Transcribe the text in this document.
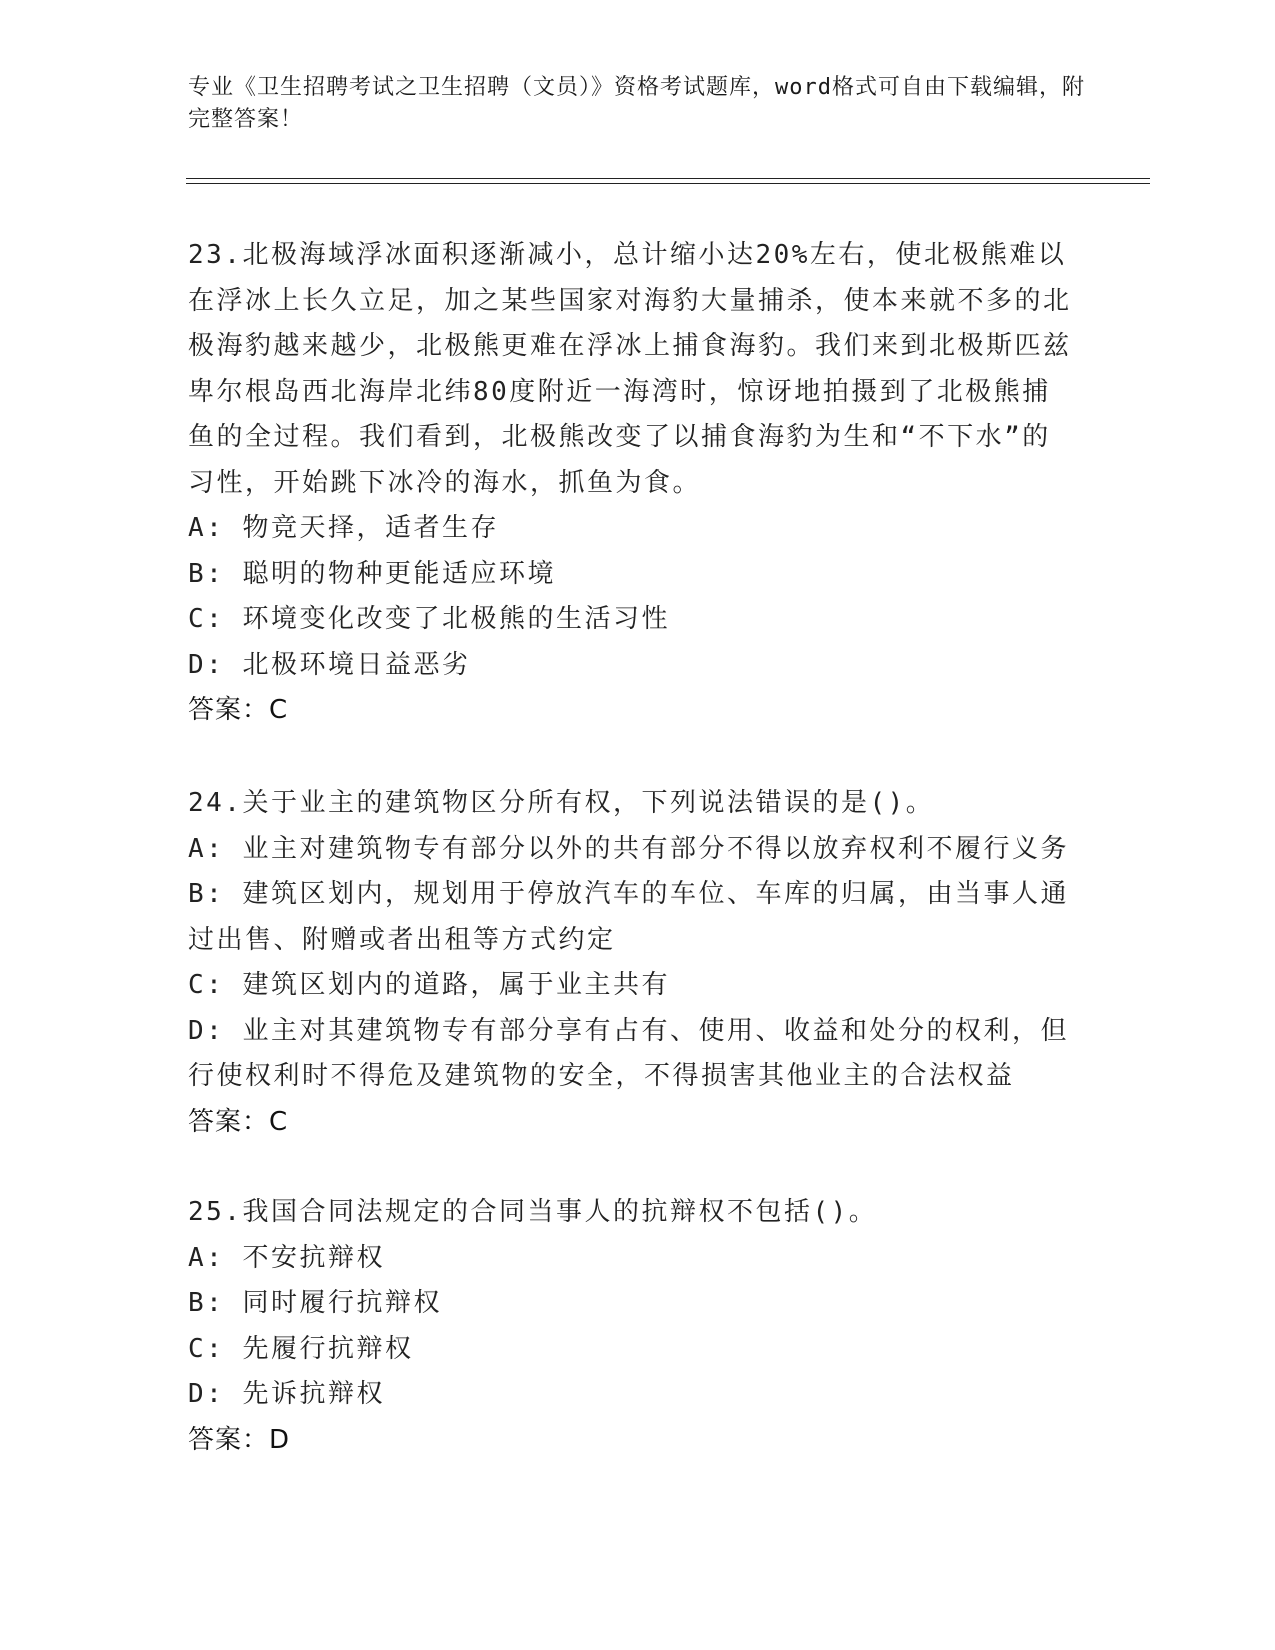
专业《卫生招聘考试之卫生招聘（文员）》资格考试题库，word格式可自由下载编辑，附完整答案！

23.北极海域浮冰面积逐渐减小，总计缩小达20%左右，使北极熊难以在浮冰上长久立足，加之某些国家对海豹大量捕杀，使本来就不多的北极海豹越来越少，北极熊更难在浮冰上捕食海豹。我们来到北极斯匹兹卑尔根岛西北海岸北纬80度附近一海湾时，惊讶地拍摄到了北极熊捕鱼的全过程。我们看到，北极熊改变了以捕食海豹为生和“不下水”的习性，开始跳下冰冷的海水，抓鱼为食。

A: 物竞天择，适者生存

B: 聪明的物种更能适应环境

C: 环境变化改变了北极熊的生活习性

D: 北极环境日益恶劣

答案：C

24.关于业主的建筑物区分所有权，下列说法错误的是()。

A: 业主对建筑物专有部分以外的共有部分不得以放弃权利不履行义务

B: 建筑区划内，规划用于停放汽车的车位、车库的归属，由当事人通过出售、附赠或者出租等方式约定

C: 建筑区划内的道路，属于业主共有

D: 业主对其建筑物专有部分享有占有、使用、收益和处分的权利，但行使权利时不得危及建筑物的安全，不得损害其他业主的合法权益

答案：C

25.我国合同法规定的合同当事人的抗辩权不包括()。

A: 不安抗辩权

B: 同时履行抗辩权

C: 先履行抗辩权

D: 先诉抗辩权

答案：D
